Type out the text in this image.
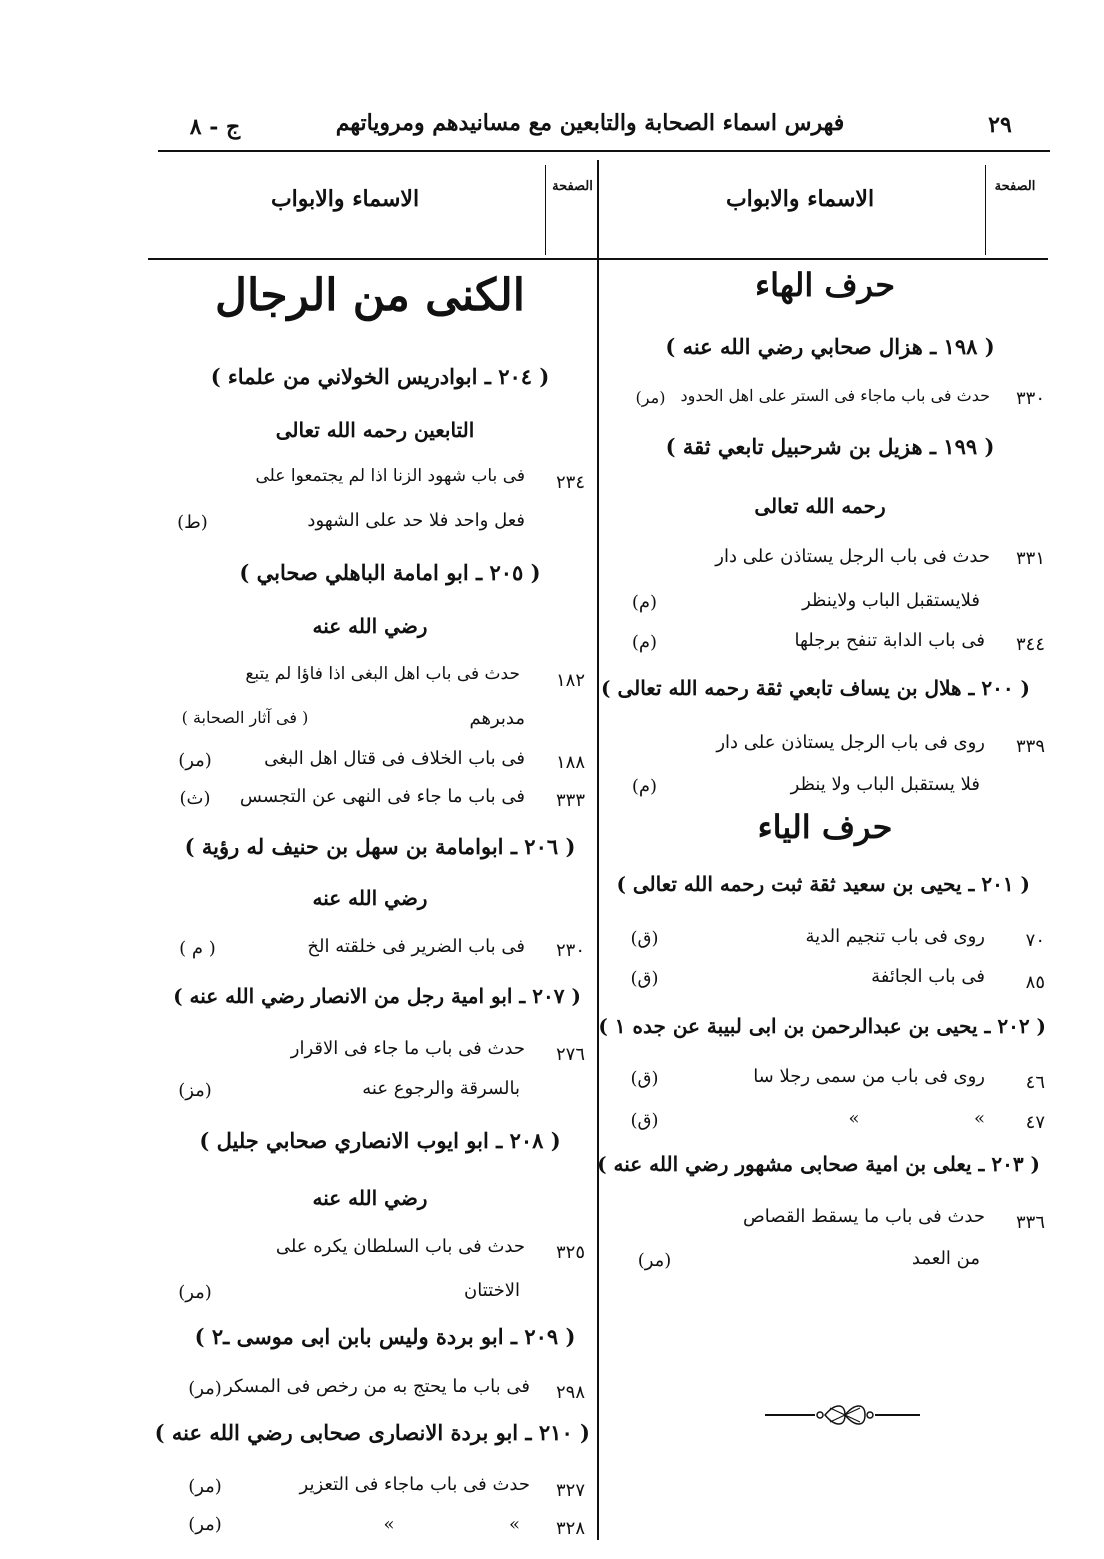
٢٩
فهرس اسماء الصحابة والتابعين مع مسانيدهم ومروياتهم
ج - ٨
الاسماء والابواب	الصفحة
الاسماء والابواب	الصفحة
حرف الهاء
( ١٩٨ ـ هزال صحابي رضي الله عنه )
٣٣٠
حدث فى باب ماجاء فى الستر على اهل الحدود
(مر)
( ١٩٩ ـ هزيل بن شرحبيل تابعي ثقة )
رحمه الله تعالى
٣٣١
حدث فى باب الرجل يستاذن على دار
فلايستقبل الباب ولاينظر
(م)
٣٤٤
فى باب الدابة تنفح برجلها
(م)
( ٢٠٠ ـ هلال بن يساف تابعي ثقة رحمه الله تعالى )
٣٣٩
روى فى باب الرجل يستاذن على دار
فلا يستقبل الباب ولا ينظر
(م)
حرف الياء
( ٢٠١ ـ يحيى بن سعيد ثقة ثبت رحمه الله تعالى )
٧٠
روى فى باب تنجيم الدية
(ق)
٨٥
فى باب الجائفة
(ق)
( ٢٠٢ ـ يحيى بن عبدالرحمن بن ابى لبيبة عن جده ١ )
٤٦
روى فى باب من سمى رجلا سا
(ق)
٤٧
»                    »
(ق)
( ٢٠٣ ـ يعلى بن امية صحابى مشهور رضي الله عنه )
٣٣٦
حدث فى باب ما يسقط القصاص
من العمد
(مر)
الكنى من الرجال
( ٢٠٤ ـ ابوادريس الخولاني من علماء )
التابعين رحمه الله تعالى
٢٣٤
فى باب شهود الزنا اذا لم يجتمعوا على
فعل واحد فلا حد على الشهود
(ط)
( ٢٠٥ ـ ابو امامة الباهلي صحابي )
رضي الله عنه
١٨٢
حدث فى باب اهل البغى اذا فاؤا لم يتبع
مدبرهم
( فى آثار الصحابة )
١٨٨
فى باب الخلاف فى قتال اهل البغى
(مر)
٣٣٣
فى باب ما جاء فى النهى عن التجسس
(ث)
( ٢٠٦ ـ ابوامامة بن سهل بن حنيف له رؤية )
رضي الله عنه
٢٣٠
فى باب الضرير فى خلقته الخ
( م )
( ٢٠٧ ـ ابو امية رجل من الانصار رضي الله عنه )
٢٧٦
حدث فى باب ما جاء فى الاقرار
بالسرقة والرجوع عنه
(مز)
( ٢٠٨ ـ ابو ايوب الانصاري صحابي جليل )
رضي الله عنه
٣٢٥
حدث فى باب السلطان يكره على
الاختتان
(مر)
( ٢٠٩ ـ ابو بردة وليس بابن ابى موسى ـ٢ )
٢٩٨
فى باب ما يحتج به من رخص فى المسكر
(مر)
( ٢١٠ ـ ابو بردة الانصارى صحابى رضي الله عنه )
٣٢٧
حدث فى باب ماجاء فى التعزير
(مر)
٣٢٨
»                    »
(مر)
